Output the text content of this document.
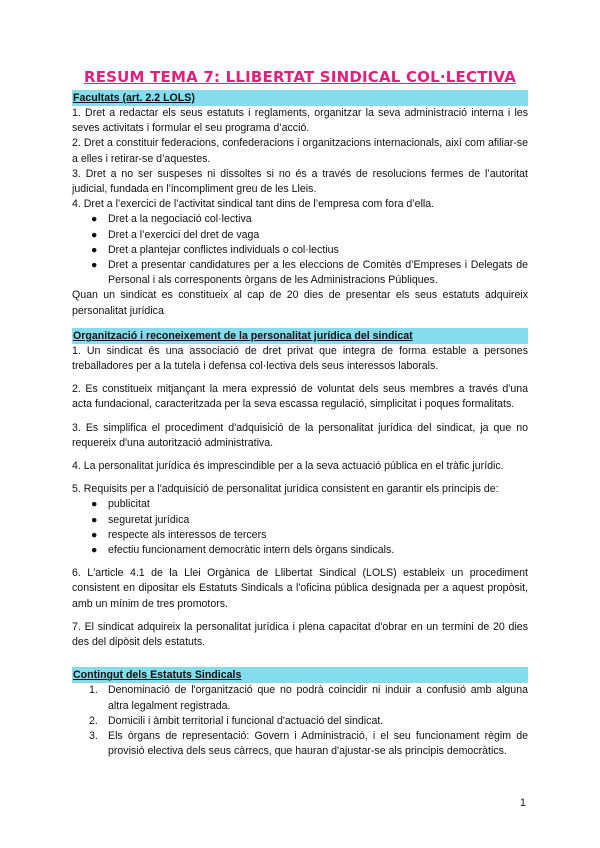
RESUM TEMA 7: LLIBERTAT SINDICAL COL·LECTIVA
Facultats (art. 2.2 LOLS)

1. Dret a redactar els seus estatuts i reglaments, organitzar la seva administració interna i les seves activitats i formular el seu programa d’acció.

2. Dret a constituir federacions, confederacions i organitzacions internacionals, així com afiliar-se a elles i retirar-se d’aquestes.

3. Dret a no ser suspeses ni dissoltes si no és a través de resolucions fermes de l’autoritat judicial, fundada en l’incompliment greu de les Lleis.

4. Dret a l’exercici de l’activitat sindical tant dins de l’empresa com fora d’ella.

● Dret a la negociació col·lectiva
● Dret a l’exercici del dret de vaga
● Dret a plantejar conflictes individuals o col·lectius
● Dret a presentar candidatures per a les eleccions de Comitès d’Empreses i Delegats de Personal i als corresponents òrgans de les Administracions Públiques.

Quan un sindicat es constitueix al cap de 20 dies de presentar els seus estatuts adquireix personalitat jurídica

Organització i reconeixement de la personalitat jurídica del sindicat

1. Un sindicat és una associació de dret privat que integra de forma estable a persones treballadores per a la tutela i defensa col·lectiva dels seus interessos laborals.

2. Es constitueix mitjançant la mera expressió de voluntat dels seus membres a través d'una acta fundacional, caracteritzada per la seva escassa regulació, simplicitat i poques formalitats.

3. Es simplifica el procediment d'adquisició de la personalitat jurídica del sindicat, ja que no requereix d'una autorització administrativa.

4. La personalitat jurídica és imprescindible per a la seva actuació pública en el tràfic jurídic.

5. Requisits per a l'adquisició de personalitat jurídica consistent en garantir els principis de:

● publicitat
● seguretat jurídica
● respecte als interessos de tercers
● efectiu funcionament democràtic intern dels òrgans sindicals.

6. L'article 4.1 de la Llei Orgànica de Llibertat Sindical (LOLS) estableix un procediment consistent en dipositar els Estatuts Sindicals a l'oficina pública designada per a aquest propòsit, amb un mínim de tres promotors.

7. El sindicat adquireix la personalitat jurídica i plena capacitat d'obrar en un termini de 20 dies des del dipòsit dels estatuts.

Contingut dels Estatuts Sindicals
1. Denominació de l'organització que no podrà coincidir ni induir a confusió amb alguna altra legalment registrada.
2. Domicili i àmbit territorial i funcional d'actuació del sindicat.
3. Els òrgans de representació: Govern i Administració, i el seu funcionament règim de provisió electiva dels seus càrrecs, que hauran d'ajustar-se als principis democràtics.
1
